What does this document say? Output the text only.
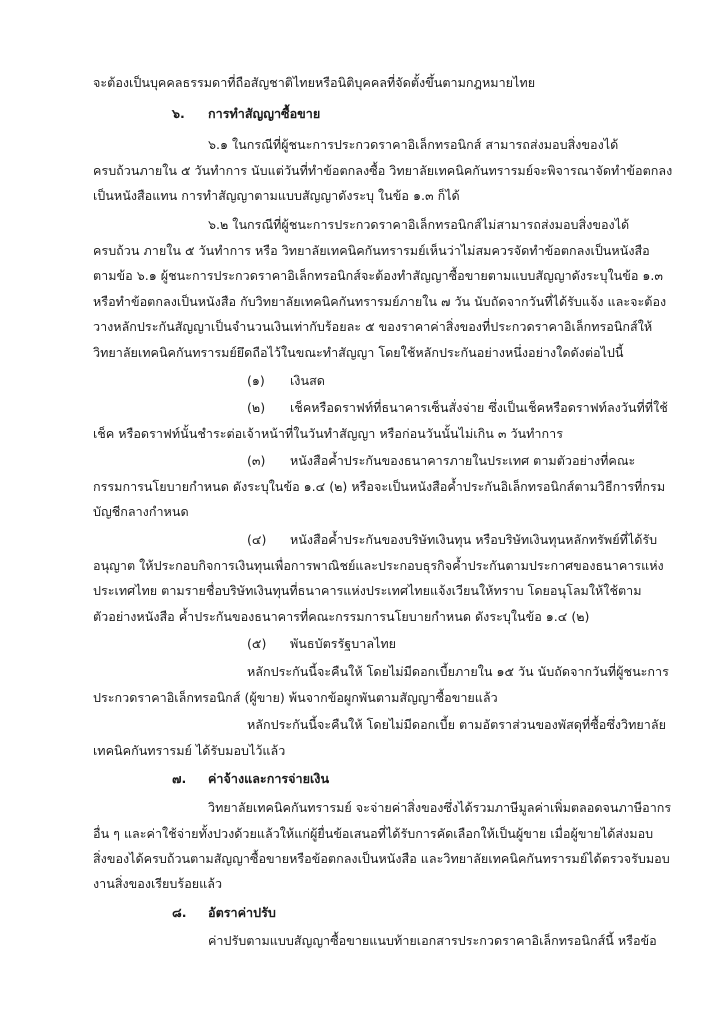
จะต้องเป็นบุคคลธรรมดาที่ถือสัญชาติไทยหรือนิติบุคคลที่จัดตั้งขึ้นตามกฎหมายไทย
๖. การทำสัญญาซื้อขาย
๖.๑ ในกรณีที่ผู้ชนะการประกวดราคาอิเล็กทรอนิกส์ สามารถส่งมอบสิ่งของได้
ครบถ้วนภายใน ๕ วันทำการ นับแต่วันที่ทำข้อตกลงซื้อ วิทยาลัยเทคนิคกันทรารมย์จะพิจารณาจัดทำข้อตกลง
เป็นหนังสือแทน การทำสัญญาตามแบบสัญญาดังระบุ ในข้อ ๑.๓ ก็ได้
๖.๒ ในกรณีที่ผู้ชนะการประกวดราคาอิเล็กทรอนิกส์ไม่สามารถส่งมอบสิ่งของได้
ครบถ้วน ภายใน ๕ วันทำการ หรือ วิทยาลัยเทคนิคกันทรารมย์เห็นว่าไม่สมควรจัดทำข้อตกลงเป็นหนังสือ
ตามข้อ ๖.๑ ผู้ชนะการประกวดราคาอิเล็กทรอนิกส์จะต้องทำสัญญาซื้อขายตามแบบสัญญาดังระบุในข้อ ๑.๓
หรือทำข้อตกลงเป็นหนังสือ กับวิทยาลัยเทคนิคกันทรารมย์ภายใน ๗ วัน นับถัดจากวันที่ได้รับแจ้ง และจะต้อง
วางหลักประกันสัญญาเป็นจำนวนเงินเท่ากับร้อยละ ๕ ของราคาค่าสิ่งของที่ประกวดราคาอิเล็กทรอนิกส์ให้
วิทยาลัยเทคนิคกันทรารมย์ยึดถือไว้ในขณะทำสัญญา โดยใช้หลักประกันอย่างหนึ่งอย่างใดดังต่อไปนี้
(๑) เงินสด
(๒) เช็คหรือดราฟท์ที่ธนาคารเซ็นสั่งจ่าย ซึ่งเป็นเช็คหรือดราฟท์ลงวันที่ที่ใช้
เช็ค หรือดราฟท์นั้นชำระต่อเจ้าหน้าที่ในวันทำสัญญา หรือก่อนวันนั้นไม่เกิน ๓ วันทำการ
(๓) หนังสือค้ำประกันของธนาคารภายในประเทศ ตามตัวอย่างที่คณะ
กรรมการนโยบายกำหนด ดังระบุในข้อ ๑.๔ (๒) หรือจะเป็นหนังสือค้ำประกันอิเล็กทรอนิกส์ตามวิธีการที่กรม
บัญชีกลางกำหนด
(๔) หนังสือค้ำประกันของบริษัทเงินทุน หรือบริษัทเงินทุนหลักทรัพย์ที่ได้รับ
อนุญาต ให้ประกอบกิจการเงินทุนเพื่อการพาณิชย์และประกอบธุรกิจค้ำประกันตามประกาศของธนาคารแห่ง
ประเทศไทย ตามรายชื่อบริษัทเงินทุนที่ธนาคารแห่งประเทศไทยแจ้งเวียนให้ทราบ โดยอนุโลมให้ใช้ตาม
ตัวอย่างหนังสือ ค้ำประกันของธนาคารที่คณะกรรมการนโยบายกำหนด ดังระบุในข้อ ๑.๔ (๒)
(๕) พันธบัตรรัฐบาลไทย
หลักประกันนี้จะคืนให้ โดยไม่มีดอกเบี้ยภายใน ๑๕ วัน นับถัดจากวันที่ผู้ชนะการ
ประกวดราคาอิเล็กทรอนิกส์ (ผู้ขาย) พ้นจากข้อผูกพันตามสัญญาซื้อขายแล้ว
หลักประกันนี้จะคืนให้ โดยไม่มีดอกเบี้ย ตามอัตราส่วนของพัสดุที่ซื้อซึ่งวิทยาลัย
เทคนิคกันทรารมย์ ได้รับมอบไว้แล้ว
๗. ค่าจ้างและการจ่ายเงิน
วิทยาลัยเทคนิคกันทรารมย์ จะจ่ายค่าสิ่งของซึ่งได้รวมภาษีมูลค่าเพิ่มตลอดจนภาษีอากร
อื่น ๆ และค่าใช้จ่ายทั้งปวงด้วยแล้วให้แก่ผู้ยื่นข้อเสนอที่ได้รับการคัดเลือกให้เป็นผู้ขาย เมื่อผู้ขายได้ส่งมอบ
สิ่งของได้ครบถ้วนตามสัญญาซื้อขายหรือข้อตกลงเป็นหนังสือ และวิทยาลัยเทคนิคกันทรารมย์ได้ตรวจรับมอบ
งานสิ่งของเรียบร้อยแล้ว
๘. อัตราค่าปรับ
ค่าปรับตามแบบสัญญาซื้อขายแนบท้ายเอกสารประกวดราคาอิเล็กทรอนิกส์นี้ หรือข้อ
